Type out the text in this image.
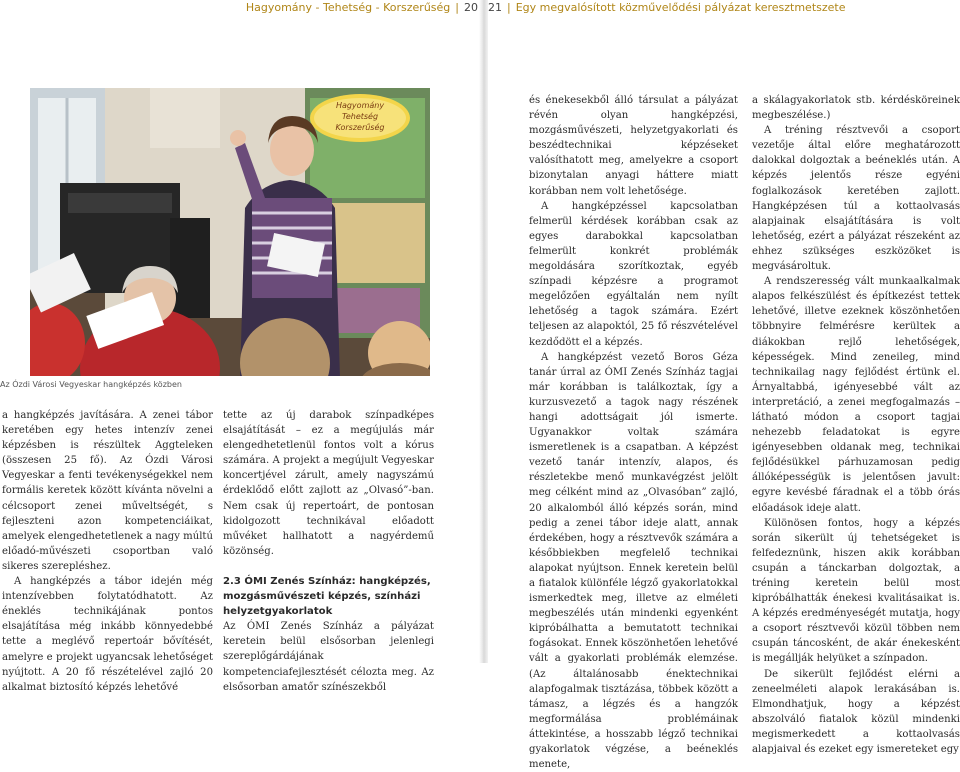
Hagyomány - Tehetség - Korszerűség | 20 21 | Egy megvalósított közművelődési pályázat keresztmetszete
Hagyomány
Tehetség
Korszerűség
Az Ózdi Városi Vegyeskar hangképzés közben

a hangképzés javítására. A zenei tábor keretében egy hetes intenzív zenei képzésben is részültek Aggteleken (összesen 25 fő). Az Ózdi Városi Vegyeskar a fenti tevékenységekkel nem formális keretek között kívánta növelni a célcsoport zenei műveltségét, s fejleszteni azon kompetenciáikat, amelyek elengedhetetlenek a nagy múltú előadó-művészeti csoportban való sikeres szerepléshez.

A hangképzés a tábor idején még intenzívebben folytatódhatott. Az éneklés technikájának pontos elsajátítása még inkább könnyedebbé tette a meglévő repertoár bővítését, amelyre e projekt ugyancsak lehetőséget nyújtott. A 20 fő részételével zajló 20 alkalmat biztosító képzés lehetővé

tette az új darabok színpadképes elsajátítását – ez a megújulás már elengedhetetlenül fontos volt a kórus számára. A projekt a megújult Vegyeskar koncertjével zárult, amely nagyszámú érdeklődő előtt zajlott az „Olvasó”-ban. Nem csak új repertoárt, de pontosan kidolgozott technikával előadott művéket hallhatott a nagyérdemű közönség.

2.3 ÓMI Zenés Színház: hangképzés, mozgásművészeti képzés, színházi helyzetgyakorlatok

Az ÓMI Zenés Színház a pályázat keretein belül elsősorban jelenlegi szereplőgárdájának kompetenciafejlesztését célozta meg. Az elsősorban amatőr színészekből

és énekesekből álló társulat a pályázat révén olyan hangképzési, mozgásművészeti, helyzetgyakorlati és beszédtechnikai képzéseket valósíthatott meg, amelyekre a csoport bizonytalan anyagi háttere miatt korábban nem volt lehetősége.

A hangképzéssel kapcsolatban felmerül kérdések korábban csak az egyes darabokkal kapcsolatban felmerült konkrét problémák megoldására szorítkoztak, egyéb színpadi képzésre a programot megelőzően egyáltalán nem nyílt lehetőség a tagok számára. Ezért teljesen az alapoktól, 25 fő részvételével kezdődött el a képzés.

A hangképzést vezető Boros Géza tanár úrral az ÓMI Zenés Színház tagjai már korábban is találkoztak, így a kurzusvezető a tagok nagy részének hangi adottságait jól ismerte. Ugyanakkor voltak számára ismeretlenek is a csapatban. A képzést vezető tanár intenzív, alapos, és részletekbe menő munkavégzést jelölt meg célként mind az „Olvasóban” zajló, 20 alkalomból álló képzés során, mind pedig a zenei tábor ideje alatt, annak érdekében, hogy a résztvevők számára a későbbiekben megfelelő technikai alapokat nyújtson. Ennek keretein belül a fiatalok különféle légző gyakorlatokkal ismerkedtek meg, illetve az elméleti megbeszélés után mindenki egyenként kipróbálhatta a bemutatott technikai fogásokat. Ennek köszönhetően lehetővé vált a gyakorlati problémák elemzése. (Az általánosabb énektechnikai alapfogalmak tisztázása, többek között a támasz, a légzés és a hangzók megformálása problémáinak áttekintése, a hosszabb légző technikai gyakorlatok végzése, a beéneklés menete,

a skálagyakorlatok stb. kérdésköreinek megbeszélése.)

A tréning résztvevői a csoport vezetője által előre meghatározott dalokkal dolgoztak a beéneklés után. A képzés jelentős része egyéni foglalkozások keretében zajlott. Hangképzésen túl a kottaolvasás alapjainak elsajátítására is volt lehetőség, ezért a pályázat részeként az ehhez szükséges eszközöket is megvásároltuk.

A rendszeresség vált munkaalkalmak alapos felkészülést és építkezést tettek lehetővé, illetve ezeknek köszönhetően többnyire felmérésre kerültek a diákokban rejlő lehetőségek, képességek. Mind zeneileg, mind technikailag nagy fejlődést értünk el. Árnyaltabbá, igényesebbé vált az interpretáció, a zenei megfogalmazás – látható módon a csoport tagjai nehezebb feladatokat is egyre igényesebben oldanak meg, technikai fejlődésükkel párhuzamosan pedig állóképességük is jelentősen javult: egyre kevésbé fáradnak el a több órás előadások ideje alatt.

Különösen fontos, hogy a képzés során sikerült új tehetségeket is felfedeznünk, hiszen akik korábban csupán a tánckarban dolgoztak, a tréning keretein belül most kipróbálhatták énekesi kvalitásaikat is. A képzés eredményeségét mutatja, hogy a csoport résztvevői közül többen nem csupán táncosként, de akár énekesként is megállják helyüket a színpadon.

De sikerült fejlődést elérni a zeneelméleti alapok lerakásában is. Elmondhatjuk, hogy a képzést abszolváló fiatalok közül mindenki megismerkedett a kottaolvasás alapjaival és ezeket egy ismereteket egy
